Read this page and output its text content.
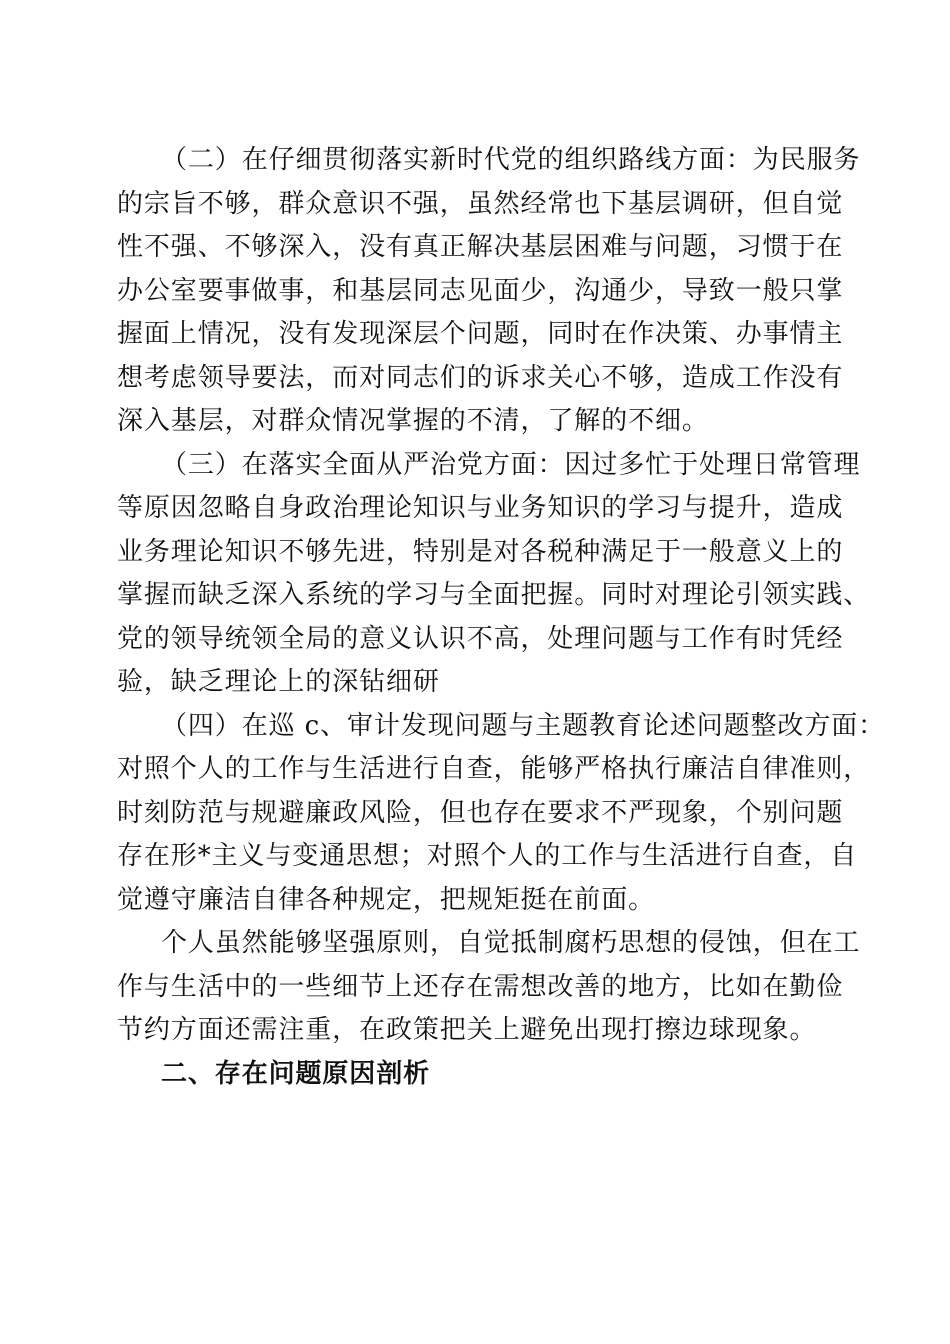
（二）在仔细贯彻落实新时代党的组织路线方面：为民服务
的宗旨不够，群众意识不强，虽然经常也下基层调研，但自觉
性不强、不够深入，没有真正解决基层困难与问题，习惯于在
办公室要事做事，和基层同志见面少，沟通少，导致一般只掌
握面上情况，没有发现深层个问题，同时在作决策、办事情主
想考虑领导要法，而对同志们的诉求关心不够，造成工作没有
深入基层，对群众情况掌握的不清，了解的不细。

（三）在落实全面从严治党方面：因过多忙于处理日常管理
等原因忽略自身政治理论知识与业务知识的学习与提升，造成
业务理论知识不够先进，特别是对各税种满足于一般意义上的
掌握而缺乏深入系统的学习与全面把握。同时对理论引领实践、
党的领导统领全局的意义认识不高，处理问题与工作有时凭经
验，缺乏理论上的深钻细研

（四）在巡 c、审计发现问题与主题教育论述问题整改方面：
对照个人的工作与生活进行自查，能够严格执行廉洁自律准则，
时刻防范与规避廉政风险，但也存在要求不严现象，个别问题
存在形*主义与变通思想；对照个人的工作与生活进行自查，自
觉遵守廉洁自律各种规定，把规矩挺在前面。

个人虽然能够坚强原则，自觉抵制腐朽思想的侵蚀，但在工
作与生活中的一些细节上还存在需想改善的地方，比如在勤俭
节约方面还需注重，在政策把关上避免出现打擦边球现象。

二、存在问题原因剖析
